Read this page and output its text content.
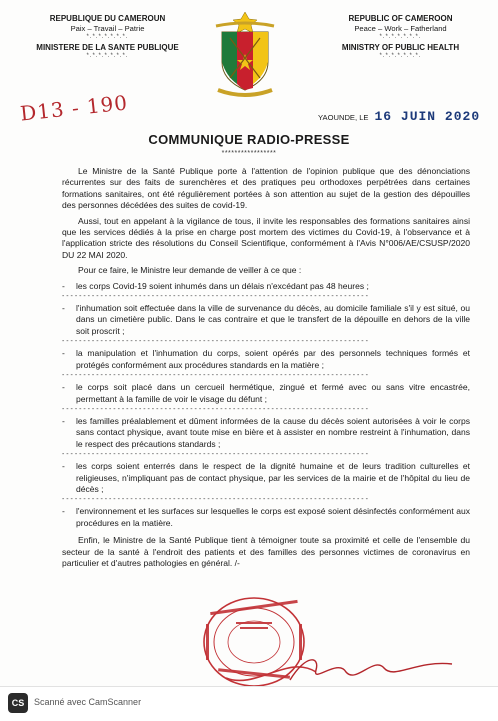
REPUBLIQUE DU CAMEROUN
Paix – Travail – Patrie
*.*.*.*.*.*.*.
MINISTERE DE LA SANTE PUBLIQUE
*.*.*.*.*.*.*.
REPUBLIC OF CAMEROON
Peace – Work – Fatherland
*.*.*.*.*.*.*.
MINISTRY OF PUBLIC HEALTH
*.*.*.*.*.*.*.
D13 - 190	YAOUNDE, LE 16 JUIN 2020
COMMUNIQUE RADIO-PRESSE
*****************

Le Ministre de la Santé Publique porte à l'attention de l'opinion publique que des dénonciations récurrentes sur des faits de surenchères et des pratiques peu orthodoxes perpétrées dans certaines formations sanitaires, ont été régulièrement portées à son attention au sujet de la gestion des dépouilles des personnes décédées des suites de covid-19.

Aussi, tout en appelant à la vigilance de tous, il invite les responsables des formations sanitaires ainsi que les services dédiés à la prise en charge post mortem des victimes du Covid-19, à l'observance et à l'application stricte des résolutions du Conseil Scientifique, conformément à l'Avis N°006/AE/CSUSP/2020 DU 22 MAI 2020.

Pour ce faire, le Ministre leur demande de veiller à ce que :

- les corps Covid-19 soient inhumés dans un délais n'excédant pas 48 heures ;
- - - - - - - - - - - - - - - - - - - - - - - - - - - - - - - - - - - - - - - - - - - - - - - - - - - - - - - - - - - - - - - - - - - - - - - -
- l'inhumation soit effectuée dans la ville de survenance du décès, au domicile familiale s'il y est situé, ou dans un cimetière public. Dans le cas contraire et que le transfert de la dépouille en dehors de la ville soit proscrit ;
- - - - - - - - - - - - - - - - - - - - - - - - - - - - - - - - - - - - - - - - - - - - - - - - - - - - - - - - - - - - - - - - - - - - - - - -
- la manipulation et l'inhumation du corps, soient opérés par des personnels techniques formés et protégés conformément aux procédures standards en la matière ;
- - - - - - - - - - - - - - - - - - - - - - - - - - - - - - - - - - - - - - - - - - - - - - - - - - - - - - - - - - - - - - - - - - - - - - - -
- le corps soit placé dans un cercueil hermétique, zingué et fermé avec ou sans vitre encastrée, permettant à la famille de voir le visage du défunt ;
- - - - - - - - - - - - - - - - - - - - - - - - - - - - - - - - - - - - - - - - - - - - - - - - - - - - - - - - - - - - - - - - - - - - - - - -
- les familles préalablement et dûment informées de la cause du décès soient autorisées à voir le corps sans contact physique, avant toute mise en bière et à assister en nombre restreint à l'inhumation, dans le respect des précautions standards ;
- - - - - - - - - - - - - - - - - - - - - - - - - - - - - - - - - - - - - - - - - - - - - - - - - - - - - - - - - - - - - - - - - - - - - - - -
- les corps soient enterrés dans le respect de la dignité humaine et de leurs tradition culturelles et religieuses, n'impliquant pas de contact physique, par les services de la mairie et de l'hôpital du lieu de décès ;
- - - - - - - - - - - - - - - - - - - - - - - - - - - - - - - - - - - - - - - - - - - - - - - - - - - - - - - - - - - - - - - - - - - - - - - -
- l'environnement et les surfaces sur lesquelles le corps est exposé soient désinfectés conformément aux procédures en la matière.

Enfin, le Ministre de la Santé Publique tient à témoigner toute sa proximité et celle de l'ensemble du secteur de la santé à l'endroit des patients et des familles des personnes victimes de coronavirus en particulier et d'autres pathologies en général. /-

CS	Scanné avec CamScanner
